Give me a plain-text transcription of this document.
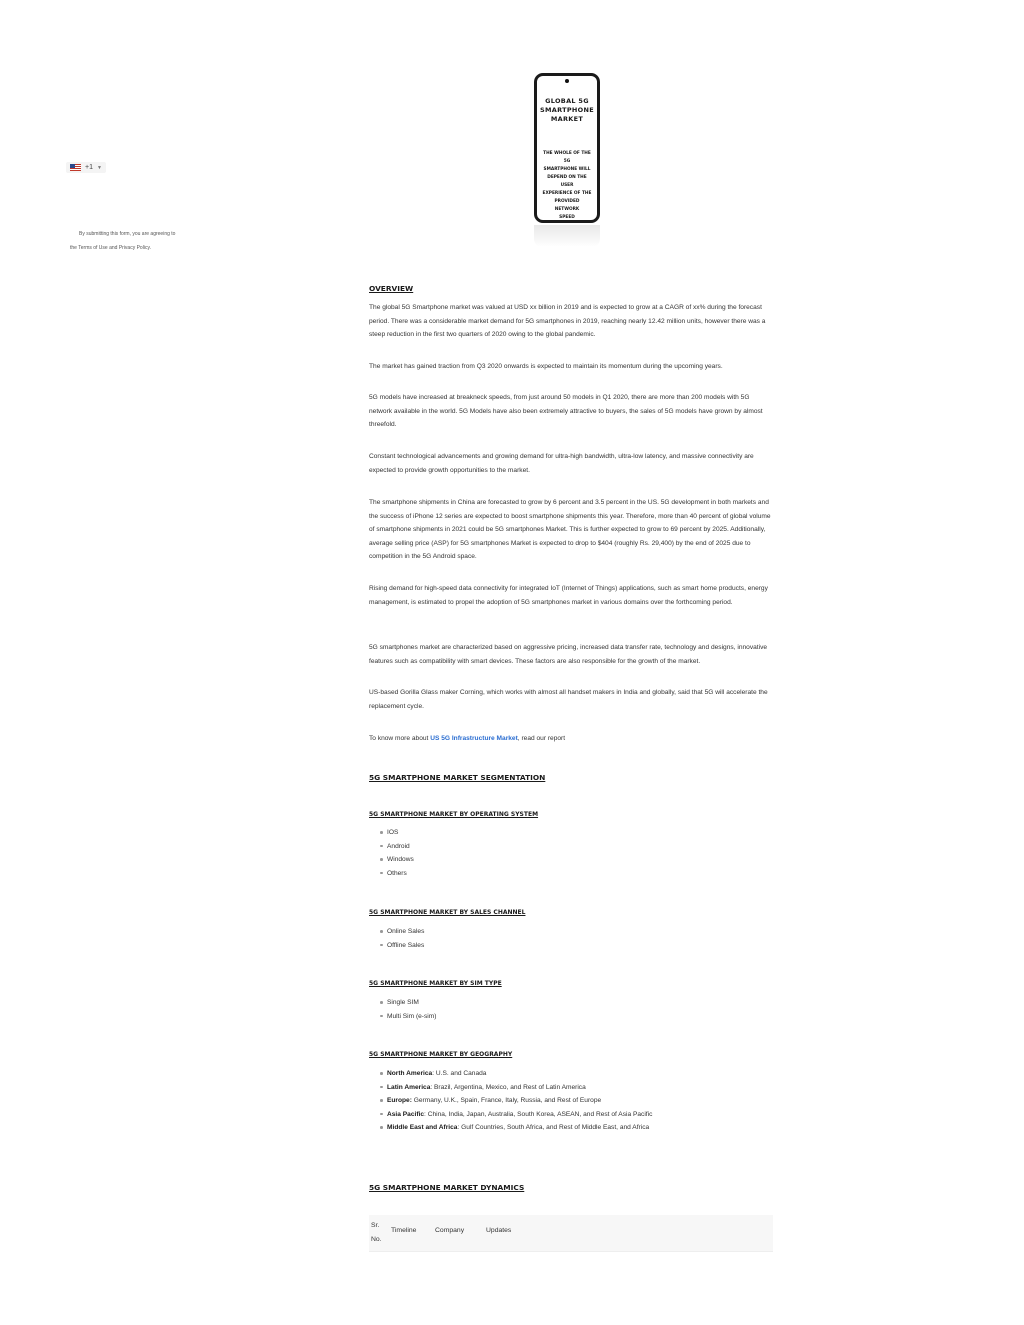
+1 ▼
By submitting this form, you are agreeing to
the Terms of Use and Privacy Policy.
GLOBAL 5G
SMARTPHONE
MARKET
THE WHOLE OF THE 5G
SMARTPHONE WILL
DEPEND ON THE USER
EXPERIENCE OF THE
PROVIDED NETWORK
SPEED
OVERVIEW

The global 5G Smartphone market was valued at USD xx billion in 2019 and is expected to grow at a CAGR of xx% during the forecast period. There was a considerable market demand for 5G smartphones in 2019, reaching nearly 12.42 million units, however there was a steep reduction in the first two quarters of 2020 owing to the global pandemic.

The market has gained traction from Q3 2020 onwards is expected to maintain its momentum during the upcoming years.

5G models have increased at breakneck speeds, from just around 50 models in Q1 2020, there are more than 200 models with 5G network available in the world. 5G Models have also been extremely attractive to buyers, the sales of 5G models have grown by almost threefold.

Constant technological advancements and growing demand for ultra-high bandwidth, ultra-low latency, and massive connectivity are expected to provide growth opportunities to the market.

The smartphone shipments in China are forecasted to grow by 6 percent and 3.5 percent in the US. 5G development in both markets and the success of iPhone 12 series are expected to boost smartphone shipments this year. Therefore, more than 40 percent of global volume of smartphone shipments in 2021 could be 5G smartphones Market. This is further expected to grow to 69 percent by 2025. Additionally, average selling price (ASP) for 5G smartphones Market is expected to drop to $404 (roughly Rs. 29,400) by the end of 2025 due to competition in the 5G Android space.

Rising demand for high-speed data connectivity for integrated IoT (Internet of Things) applications, such as smart home products, energy management, is estimated to propel the adoption of 5G smartphones market in various domains over the forthcoming period.

5G smartphones market are characterized based on aggressive pricing, increased data transfer rate, technology and designs, innovative features such as compatibility with smart devices. These factors are also responsible for the growth of the market.

US-based Gorilla Glass maker Corning, which works with almost all handset makers in India and globally, said that 5G will accelerate the replacement cycle.

To know more about US 5G Infrastructure Market, read our report

5G SMARTPHONE MARKET SEGMENTATION
5G SMARTPHONE MARKET BY OPERATING SYSTEM
IOS
Android
Windows
Others
5G SMARTPHONE MARKET BY SALES CHANNEL
Online Sales
Offline Sales
5G SMARTPHONE MARKET BY SIM TYPE
Single SIM
Multi Sim (e-sim)
5G SMARTPHONE MARKET BY GEOGRAPHY
North America: U.S. and Canada
Latin America: Brazil, Argentina, Mexico, and Rest of Latin America
Europe: Germany, U.K., Spain, France, Italy, Russia, and Rest of Europe
Asia Pacific: China, India, Japan, Australia, South Korea, ASEAN, and Rest of Asia Pacific
Middle East and Africa: Gulf Countries, South Africa, and Rest of Middle East, and Africa
5G SMARTPHONE MARKET DYNAMICS
Sr.
No.
Timeline	Company	Updates
